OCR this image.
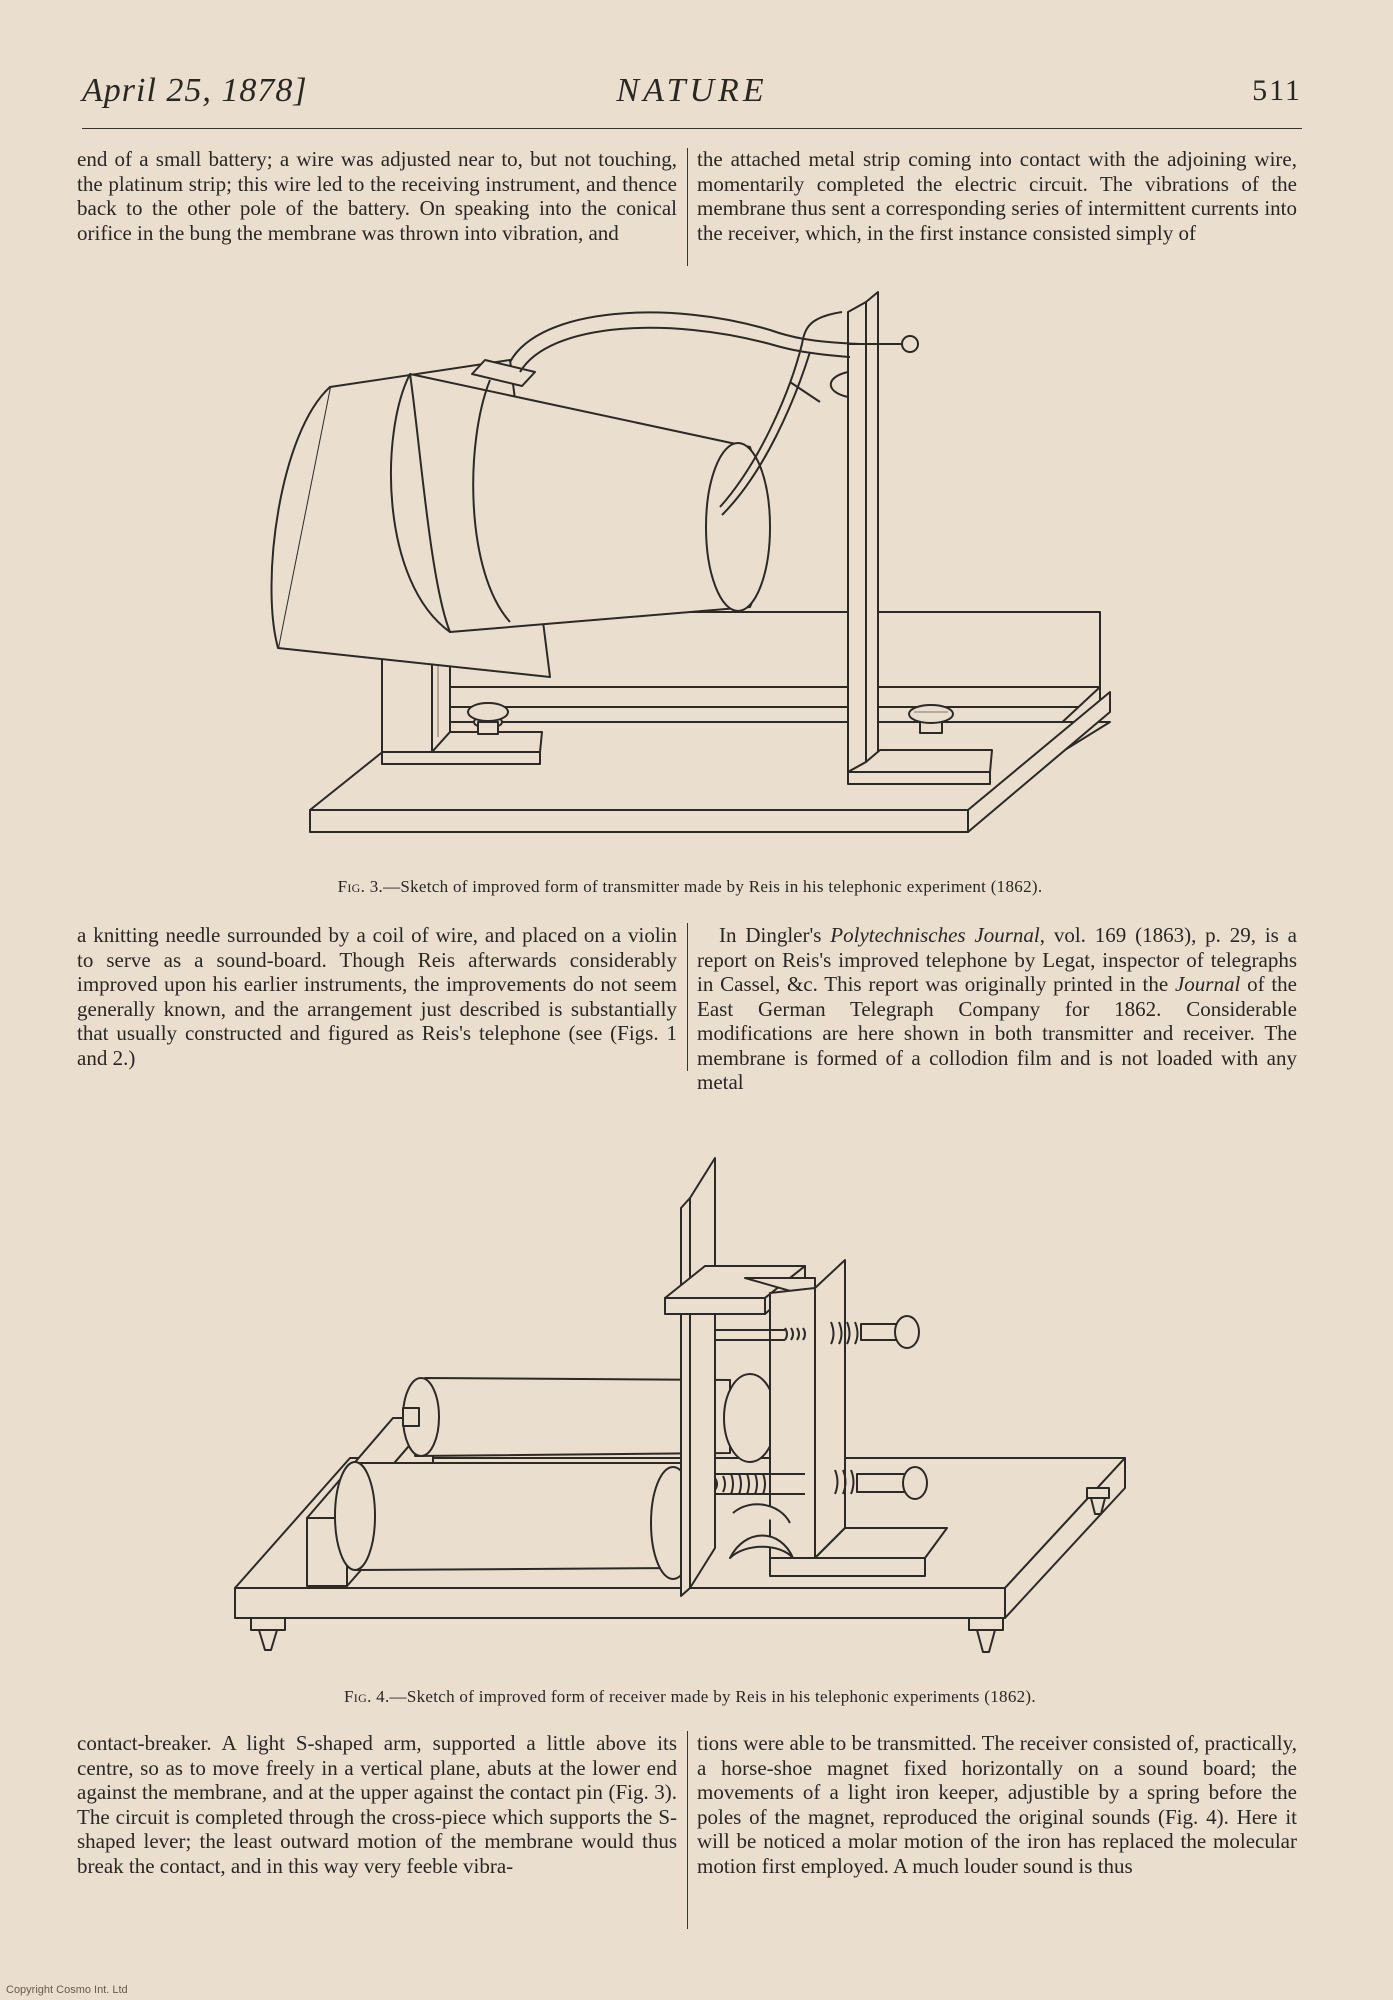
April 25, 1878]	NATURE	511

end of a small battery; a wire was adjusted near to, but not touching, the platinum strip; this wire led to the receiving instrument, and thence back to the other pole of the battery. On speaking into the conical orifice in the bung the membrane was thrown into vibration, and

the attached metal strip coming into contact with the adjoining wire, momentarily completed the electric circuit. The vibrations of the membrane thus sent a corresponding series of intermittent currents into the receiver, which, in the first instance consisted simply of

Fig. 3.—Sketch of improved form of transmitter made by Reis in his telephonic experiment (1862).

a knitting needle surrounded by a coil of wire, and placed on a violin to serve as a sound-board. Though Reis afterwards considerably improved upon his earlier instruments, the improvements do not seem generally known, and the arrangement just described is substantially that usually constructed and figured as Reis's telephone (see (Figs. 1 and 2.)

In Dingler's Polytechnisches Journal, vol. 169 (1863), p. 29, is a report on Reis's improved telephone by Legat, inspector of telegraphs in Cassel, &c. This report was originally printed in the Journal of the East German Telegraph Company for 1862. Considerable modifications are here shown in both transmitter and receiver. The membrane is formed of a collodion film and is not loaded with any metal

Fig. 4.—Sketch of improved form of receiver made by Reis in his telephonic experiments (1862).

contact-breaker. A light S-shaped arm, supported a little above its centre, so as to move freely in a vertical plane, abuts at the lower end against the membrane, and at the upper against the contact pin (Fig. 3). The circuit is completed through the cross-piece which supports the S-shaped lever; the least outward motion of the membrane would thus break the contact, and in this way very feeble vibra-

tions were able to be transmitted. The receiver consisted of, practically, a horse-shoe magnet fixed horizontally on a sound board; the movements of a light iron keeper, adjustible by a spring before the poles of the magnet, reproduced the original sounds (Fig. 4). Here it will be noticed a molar motion of the iron has replaced the molecular motion first employed. A much louder sound is thus

Copyright Cosmo Int. Ltd
